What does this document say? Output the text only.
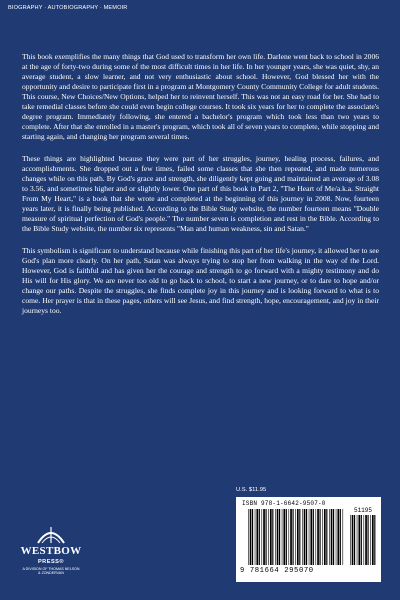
BIOGRAPHY · AUTOBIOGRAPHY · MEMOIR

This book exemplifies the many things that God used to transform her own life. Darlene went back to school in 2006 at the age of forty-two during some of the most difficult times in her life. In her younger years, she was quiet, shy, an average student, a slow learner, and not very enthusiastic about school. However, God blessed her with the opportunity and desire to participate first in a program at Montgomery County Community College for adult students. This course, New Choices/New Options, helped her to reinvent herself. This was not an easy road for her. She had to take remedial classes before she could even begin college courses. It took six years for her to complete the associate's degree program. Immediately following, she entered a bachelor's program which took less than two years to complete. After that she enrolled in a master's program, which took all of seven years to complete, while stopping and starting again, and changing her program several times.

These things are highlighted because they were part of her struggles, journey, healing process, failures, and accomplishments. She dropped out a few times, failed some classes that she then repeated, and made numerous changes while on this path. By God's grace and strength, she diligently kept going and maintained an average of 3.08 to 3.56, and sometimes higher and or slightly lower. One part of this book in Part 2, "The Heart of Me/a.k.a. Straight From My Heart," is a book that she wrote and completed at the beginning of this journey in 2008. Now, fourteen years later, it is finally being published. According to the Bible Study website, the number fourteen means "Double measure of spiritual perfection of God's people." The number seven is completion and rest in the Bible. According to the Bible Study website, the number six represents "Man and human weakness, sin and Satan."

This symbolism is significant to understand because while finishing this part of her life's journey, it allowed her to see God's plan more clearly. On her path, Satan was always trying to stop her from walking in the way of the Lord. However, God is faithful and has given her the courage and strength to go forward with a mighty testimony and do His will for His glory. We are never too old to go back to school, to start a new journey, or to dare to hope and/or change our paths. Despite the struggles, she finds complete joy in this journey and is looking forward to what is to come. Her prayer is that in these pages, others will see Jesus, and find strength, hope, encouragement, and joy in their journeys too.

U.S. $11.95
ISBN 978-1-6642-9507-0
51195
9 781664 295070
WESTBOW
PRESS®
A DIVISION OF THOMAS NELSON
& ZONDERVAN
